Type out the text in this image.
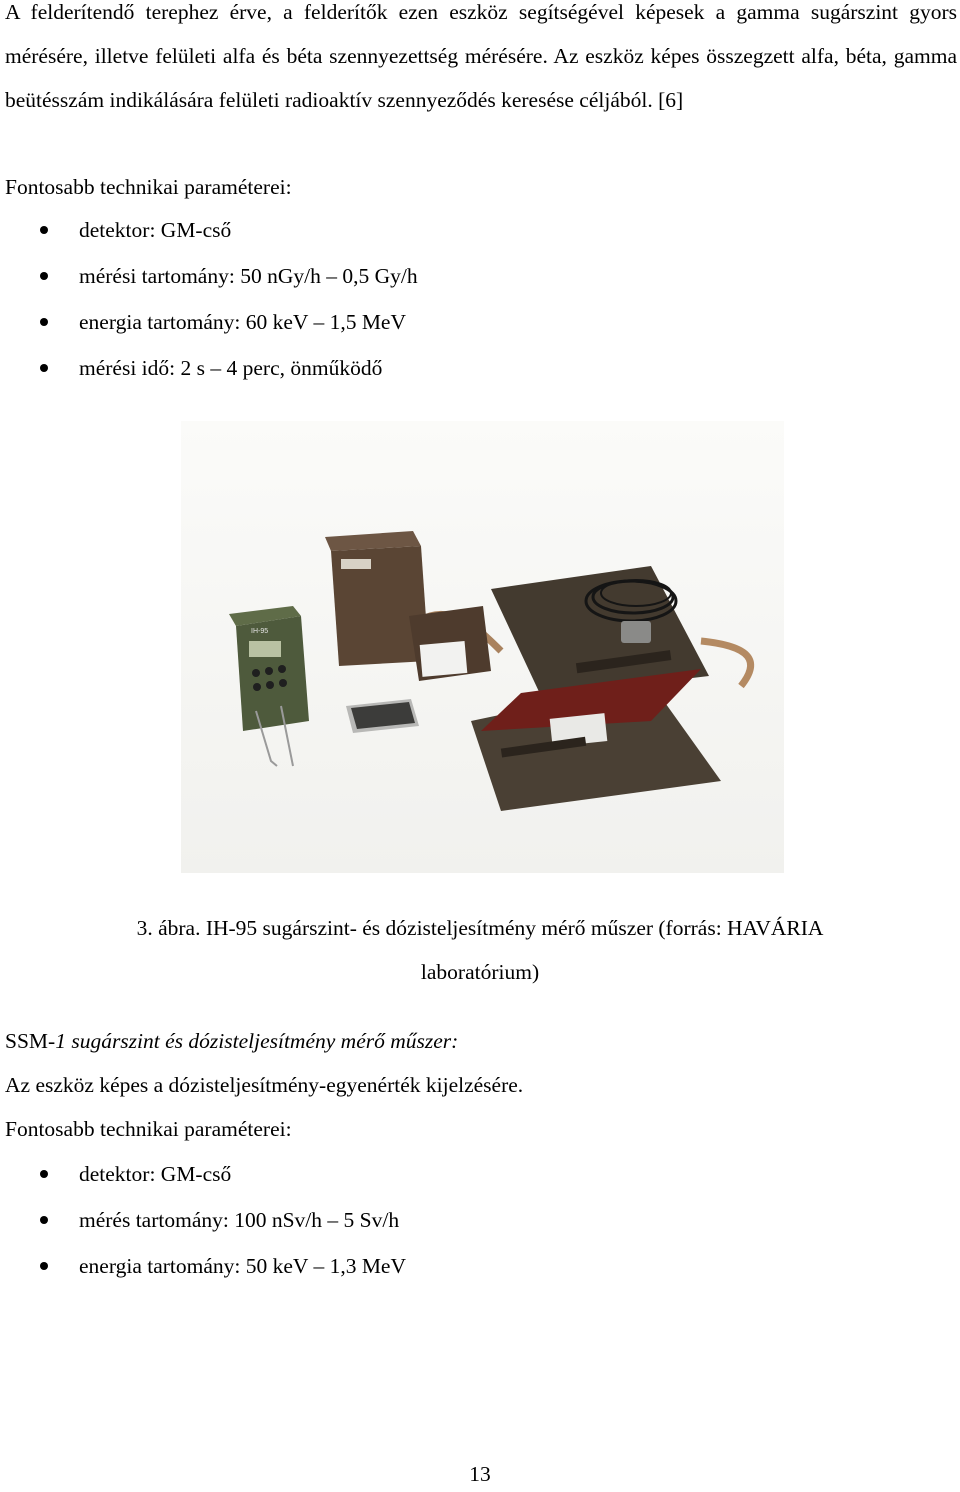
A felderítendő terephez érve, a felderítők ezen eszköz segítségével képesek a gamma sugárszint gyors mérésére, illetve felületi alfa és béta szennyezettség mérésére. Az eszköz képes összegzett alfa, béta, gamma beütésszám indikálására felületi radioaktív szennyeződés keresése céljából. [6]

Fontosabb technikai paraméterei:

detektor: GM-cső
mérési tartomány: 50 nGy/h – 0,5 Gy/h
energia tartomány: 60 keV – 1,5 MeV
mérési idő: 2 s – 4 perc, önműködő
IH-95

3. ábra. IH-95 sugárszint- és dózisteljesítmény mérő műszer (forrás: HAVÁRIA

laboratórium)

SSM-1 sugárszint és dózisteljesítmény mérő műszer:

Az eszköz képes a dózisteljesítmény-egyenérték kijelzésére.

Fontosabb technikai paraméterei:

detektor: GM-cső
mérés tartomány: 100 nSv/h – 5 Sv/h
energia tartomány: 50 keV – 1,3 MeV
13
